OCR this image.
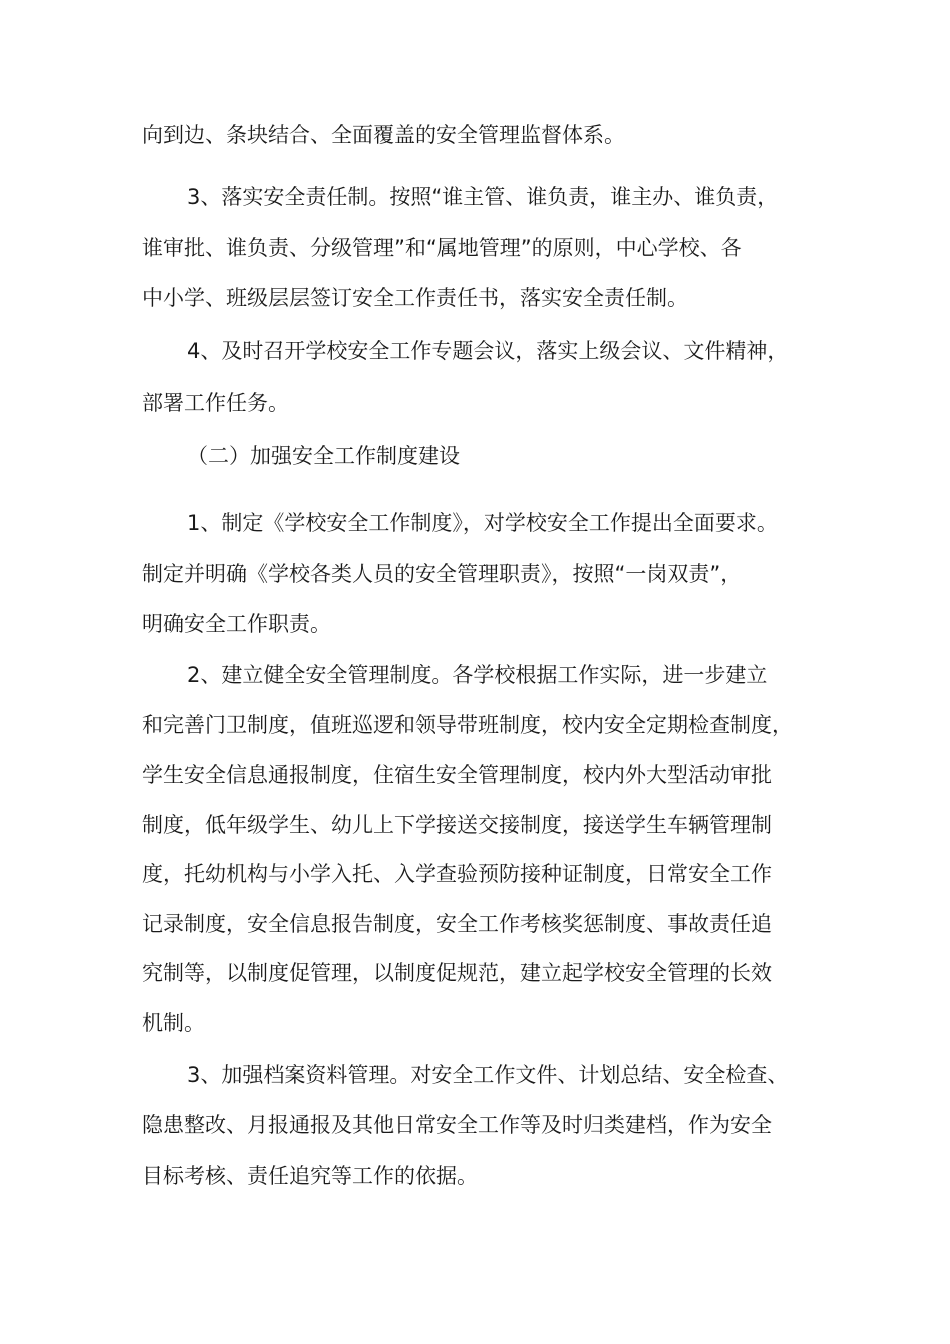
向到边、条块结合、全面覆盖的安全管理监督体系。
3、落实安全责任制。按照“谁主管、谁负责，谁主办、谁负责，
谁审批、谁负责、分级管理”和“属地管理”的原则，中心学校、各
中小学、班级层层签订安全工作责任书，落实安全责任制。
4、及时召开学校安全工作专题会议，落实上级会议、文件精神，
部署工作任务。
（二）加强安全工作制度建设
1、制定《学校安全工作制度》，对学校安全工作提出全面要求。
制定并明确《学校各类人员的安全管理职责》，按照“一岗双责”，
明确安全工作职责。
2、建立健全安全管理制度。各学校根据工作实际，进一步建立
和完善门卫制度，值班巡逻和领导带班制度，校内安全定期检查制度，
学生安全信息通报制度，住宿生安全管理制度，校内外大型活动审批
制度，低年级学生、幼儿上下学接送交接制度，接送学生车辆管理制
度，托幼机构与小学入托、入学查验预防接种证制度，日常安全工作
记录制度，安全信息报告制度，安全工作考核奖惩制度、事故责任追
究制等，以制度促管理，以制度促规范，建立起学校安全管理的长效
机制。
3、加强档案资料管理。对安全工作文件、计划总结、安全检查、
隐患整改、月报通报及其他日常安全工作等及时归类建档，作为安全
目标考核、责任追究等工作的依据。
